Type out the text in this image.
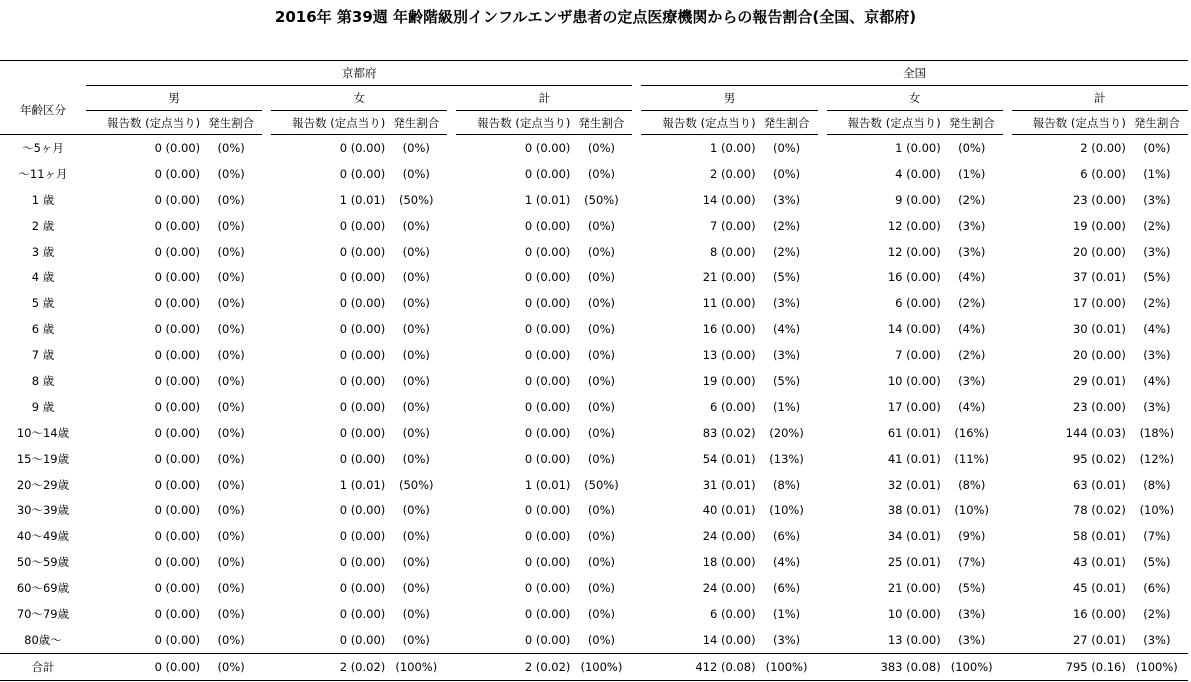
2016年 第39週 年齢階級別インフルエンザ患者の定点医療機関からの報告割合(全国、京都府)
	京都府												全国										
年齢区分	男				女				計				男				女				計		
		報告数 (定点当り)	発生割合			報告数 (定点当り)	発生割合			報告数 (定点当り)	発生割合			報告数 (定点当り)	発生割合			報告数 (定点当り)	発生割合			報告数 (定点当り)	発生割合
〜5ヶ月		0 (0.00)	(0%)			0 (0.00)	(0%)			0 (0.00)	(0%)			1 (0.00)	(0%)			1 (0.00)	(0%)			2 (0.00)	(0%)
〜11ヶ月		0 (0.00)	(0%)			0 (0.00)	(0%)			0 (0.00)	(0%)			2 (0.00)	(0%)			4 (0.00)	(1%)			6 (0.00)	(1%)
1 歳		0 (0.00)	(0%)			1 (0.01)	(50%)			1 (0.01)	(50%)			14 (0.00)	(3%)			9 (0.00)	(2%)			23 (0.00)	(3%)
2 歳		0 (0.00)	(0%)			0 (0.00)	(0%)			0 (0.00)	(0%)			7 (0.00)	(2%)			12 (0.00)	(3%)			19 (0.00)	(2%)
3 歳		0 (0.00)	(0%)			0 (0.00)	(0%)			0 (0.00)	(0%)			8 (0.00)	(2%)			12 (0.00)	(3%)			20 (0.00)	(3%)
4 歳		0 (0.00)	(0%)			0 (0.00)	(0%)			0 (0.00)	(0%)			21 (0.00)	(5%)			16 (0.00)	(4%)			37 (0.01)	(5%)
5 歳		0 (0.00)	(0%)			0 (0.00)	(0%)			0 (0.00)	(0%)			11 (0.00)	(3%)			6 (0.00)	(2%)			17 (0.00)	(2%)
6 歳		0 (0.00)	(0%)			0 (0.00)	(0%)			0 (0.00)	(0%)			16 (0.00)	(4%)			14 (0.00)	(4%)			30 (0.01)	(4%)
7 歳		0 (0.00)	(0%)			0 (0.00)	(0%)			0 (0.00)	(0%)			13 (0.00)	(3%)			7 (0.00)	(2%)			20 (0.00)	(3%)
8 歳		0 (0.00)	(0%)			0 (0.00)	(0%)			0 (0.00)	(0%)			19 (0.00)	(5%)			10 (0.00)	(3%)			29 (0.01)	(4%)
9 歳		0 (0.00)	(0%)			0 (0.00)	(0%)			0 (0.00)	(0%)			6 (0.00)	(1%)			17 (0.00)	(4%)			23 (0.00)	(3%)
10〜14歳		0 (0.00)	(0%)			0 (0.00)	(0%)			0 (0.00)	(0%)			83 (0.02)	(20%)			61 (0.01)	(16%)			144 (0.03)	(18%)
15〜19歳		0 (0.00)	(0%)			0 (0.00)	(0%)			0 (0.00)	(0%)			54 (0.01)	(13%)			41 (0.01)	(11%)			95 (0.02)	(12%)
20〜29歳		0 (0.00)	(0%)			1 (0.01)	(50%)			1 (0.01)	(50%)			31 (0.01)	(8%)			32 (0.01)	(8%)			63 (0.01)	(8%)
30〜39歳		0 (0.00)	(0%)			0 (0.00)	(0%)			0 (0.00)	(0%)			40 (0.01)	(10%)			38 (0.01)	(10%)			78 (0.02)	(10%)
40〜49歳		0 (0.00)	(0%)			0 (0.00)	(0%)			0 (0.00)	(0%)			24 (0.00)	(6%)			34 (0.01)	(9%)			58 (0.01)	(7%)
50〜59歳		0 (0.00)	(0%)			0 (0.00)	(0%)			0 (0.00)	(0%)			18 (0.00)	(4%)			25 (0.01)	(7%)			43 (0.01)	(5%)
60〜69歳		0 (0.00)	(0%)			0 (0.00)	(0%)			0 (0.00)	(0%)			24 (0.00)	(6%)			21 (0.00)	(5%)			45 (0.01)	(6%)
70〜79歳		0 (0.00)	(0%)			0 (0.00)	(0%)			0 (0.00)	(0%)			6 (0.00)	(1%)			10 (0.00)	(3%)			16 (0.00)	(2%)
80歳〜		0 (0.00)	(0%)			0 (0.00)	(0%)			0 (0.00)	(0%)			14 (0.00)	(3%)			13 (0.00)	(3%)			27 (0.01)	(3%)
合計		0 (0.00)	(0%)			2 (0.02)	(100%)			2 (0.02)	(100%)			412 (0.08)	(100%)			383 (0.08)	(100%)			795 (0.16)	(100%)
